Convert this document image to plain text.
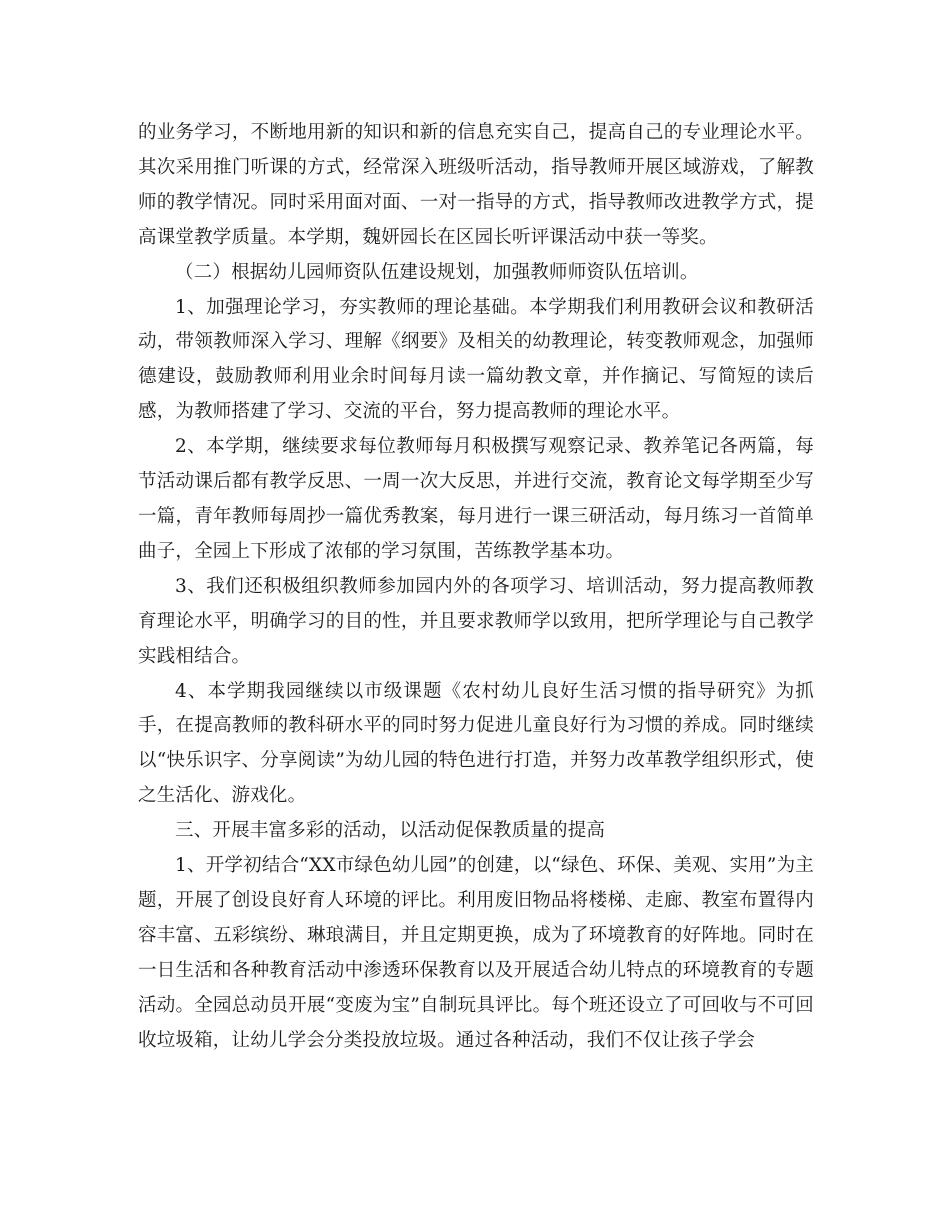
的业务学习，不断地用新的知识和新的信息充实自己，提高自己的专业理论水平。其次采用推门听课的方式，经常深入班级听活动，指导教师开展区域游戏，了解教师的教学情况。同时采用面对面、一对一指导的方式，指导教师改进教学方式，提高课堂教学质量。本学期，魏妍园长在区园长听评课活动中获一等奖。

（二）根据幼儿园师资队伍建设规划，加强教师师资队伍培训。

1、加强理论学习，夯实教师的理论基础。本学期我们利用教研会议和教研活动，带领教师深入学习、理解《纲要》及相关的幼教理论，转变教师观念，加强师德建设，鼓励教师利用业余时间每月读一篇幼教文章，并作摘记、写简短的读后感，为教师搭建了学习、交流的平台，努力提高教师的理论水平。

2、本学期，继续要求每位教师每月积极撰写观察记录、教养笔记各两篇，每节活动课后都有教学反思、一周一次大反思，并进行交流，教育论文每学期至少写一篇，青年教师每周抄一篇优秀教案，每月进行一课三研活动，每月练习一首简单曲子，全园上下形成了浓郁的学习氛围，苦练教学基本功。

3、我们还积极组织教师参加园内外的各项学习、培训活动，努力提高教师教育理论水平，明确学习的目的性，并且要求教师学以致用，把所学理论与自己教学实践相结合。

4、本学期我园继续以市级课题《农村幼儿良好生活习惯的指导研究》为抓手，在提高教师的教科研水平的同时努力促进儿童良好行为习惯的养成。同时继续以“快乐识字、分享阅读”为幼儿园的特色进行打造，并努力改革教学组织形式，使之生活化、游戏化。

三、开展丰富多彩的活动，以活动促保教质量的提高

1、开学初结合“XX市绿色幼儿园”的创建，以“绿色、环保、美观、实用”为主题，开展了创设良好育人环境的评比。利用废旧物品将楼梯、走廊、教室布置得内容丰富、五彩缤纷、琳琅满目，并且定期更换，成为了环境教育的好阵地。同时在一日生活和各种教育活动中渗透环保教育以及开展适合幼儿特点的环境教育的专题活动。全园总动员开展“变废为宝”自制玩具评比。每个班还设立了可回收与不可回收垃圾箱，让幼儿学会分类投放垃圾。通过各种活动，我们不仅让孩子学会
